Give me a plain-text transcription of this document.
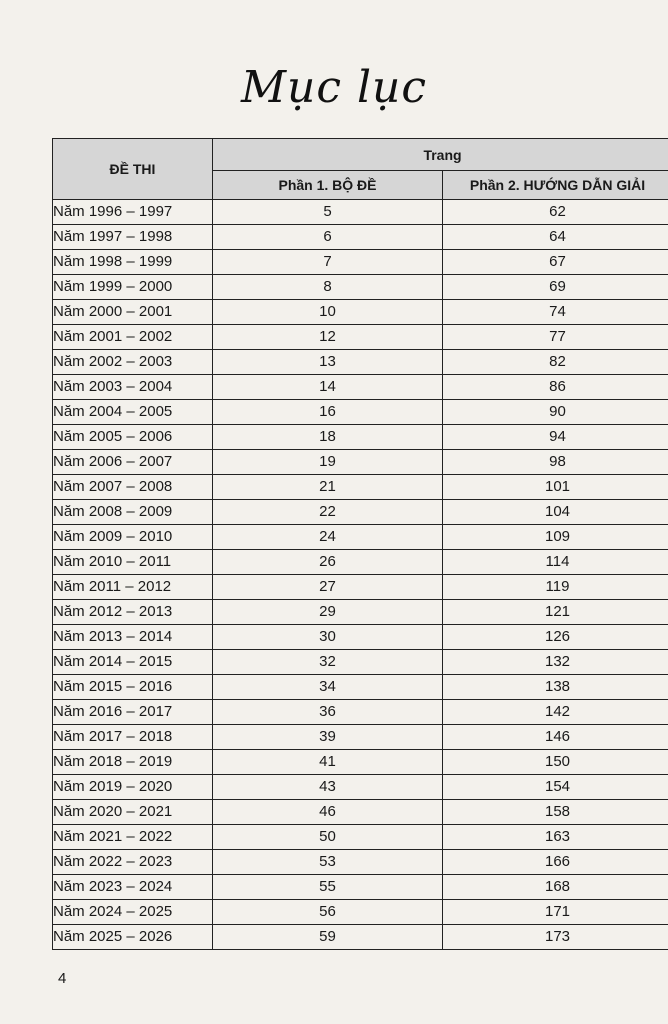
Mục lục
ĐỀ THI	Trang	
	Phần 1. BỘ ĐỀ	Phần 2. HƯỚNG DẪN GIẢI
Năm 1996 – 1997	5	62
Năm 1997 – 1998	6	64
Năm 1998 – 1999	7	67
Năm 1999 – 2000	8	69
Năm 2000 – 2001	10	74
Năm 2001 – 2002	12	77
Năm 2002 – 2003	13	82
Năm 2003 – 2004	14	86
Năm 2004 – 2005	16	90
Năm 2005 – 2006	18	94
Năm 2006 – 2007	19	98
Năm 2007 – 2008	21	101
Năm 2008 – 2009	22	104
Năm 2009 – 2010	24	109
Năm 2010 – 2011	26	114
Năm 2011 – 2012	27	119
Năm 2012 – 2013	29	121
Năm 2013 – 2014	30	126
Năm 2014 – 2015	32	132
Năm 2015 – 2016	34	138
Năm 2016 – 2017	36	142
Năm 2017 – 2018	39	146
Năm 2018 – 2019	41	150
Năm 2019 – 2020	43	154
Năm 2020 – 2021	46	158
Năm 2021 – 2022	50	163
Năm 2022 – 2023	53	166
Năm 2023 – 2024	55	168
Năm 2024 – 2025	56	171
Năm 2025 – 2026	59	173
4
